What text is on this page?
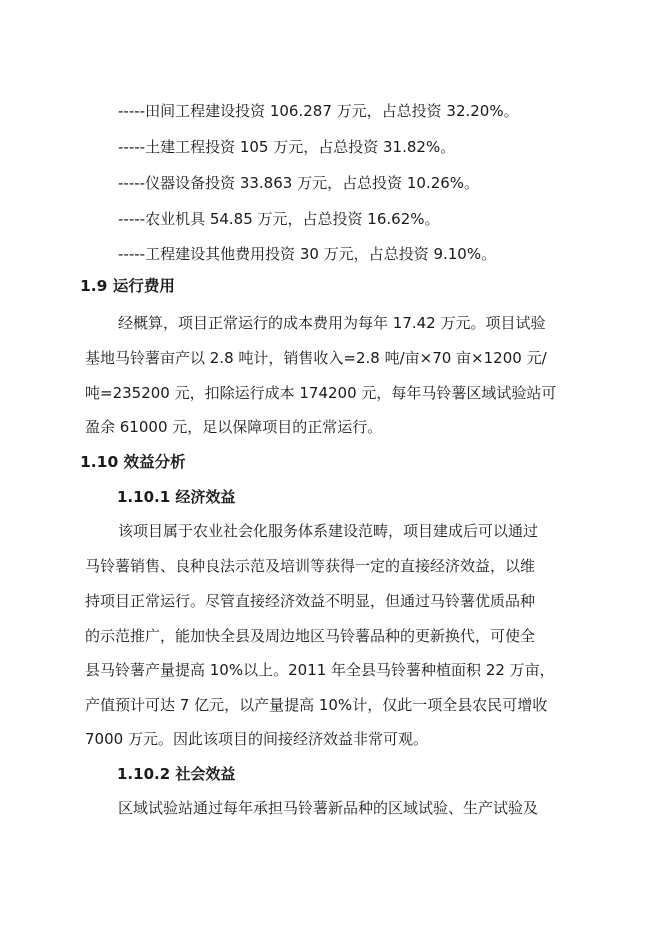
-----田间工程建设投资 106.287 万元，占总投资 32.20%。
-----土建工程投资 105 万元，占总投资 31.82%。
-----仪器设备投资 33.863 万元，占总投资 10.26%。
-----农业机具 54.85 万元，占总投资 16.62%。
-----工程建设其他费用投资 30 万元，占总投资 9.10%。
1.9 运行费用
经概算，项目正常运行的成本费用为每年 17.42 万元。项目试验
基地马铃薯亩产以 2.8 吨计，销售收入=2.8 吨/亩×70 亩×1200 元/
吨=235200 元，扣除运行成本 174200 元，每年马铃薯区域试验站可
盈余 61000 元，足以保障项目的正常运行。
1.10 效益分析
1.10.1 经济效益
该项目属于农业社会化服务体系建设范畴，项目建成后可以通过
马铃薯销售、良种良法示范及培训等获得一定的直接经济效益，以维
持项目正常运行。尽管直接经济效益不明显，但通过马铃薯优质品种
的示范推广，能加快全县及周边地区马铃薯品种的更新换代，可使全
县马铃薯产量提高 10%以上。2011 年全县马铃薯种植面积 22 万亩，
产值预计可达 7 亿元，以产量提高 10%计，仅此一项全县农民可增收
7000 万元。因此该项目的间接经济效益非常可观。
1.10.2 社会效益
区域试验站通过每年承担马铃薯新品种的区域试验、生产试验及
